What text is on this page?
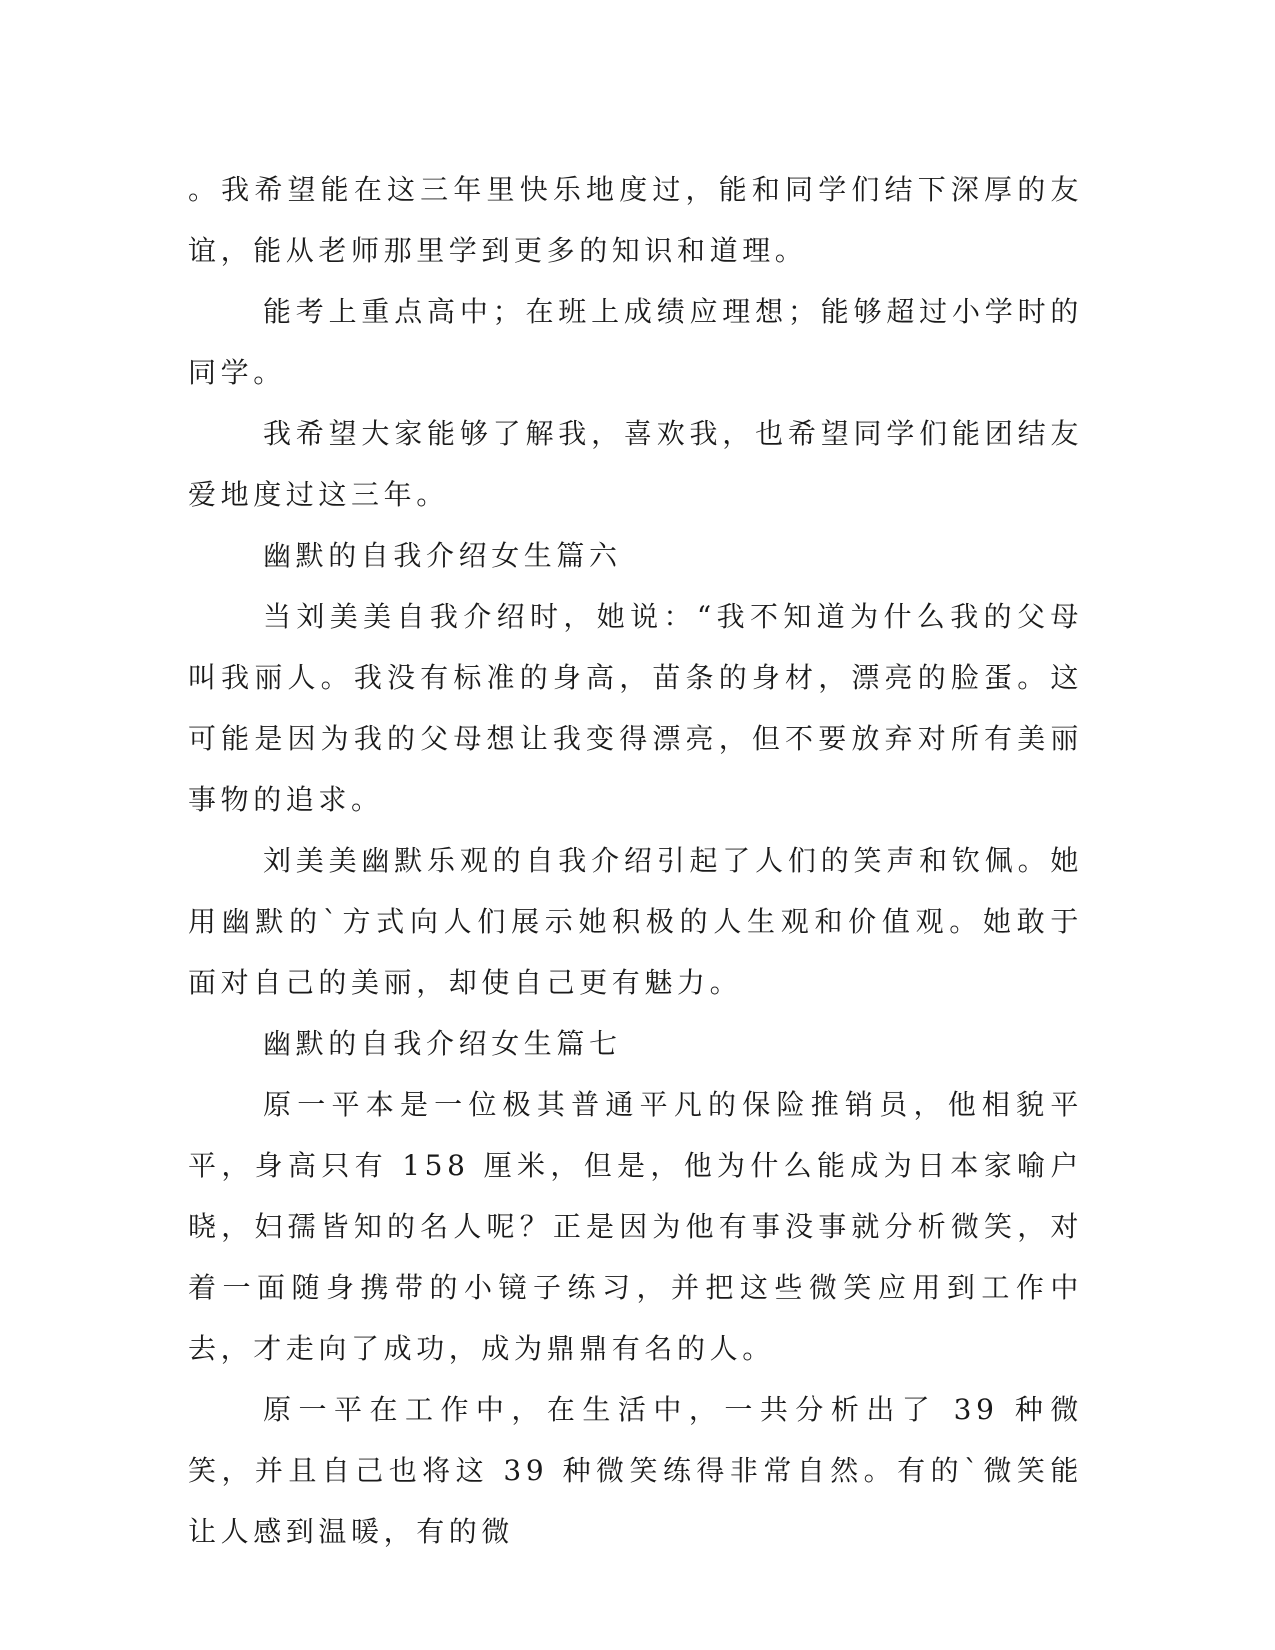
。我希望能在这三年里快乐地度过，能和同学们结下深厚的友谊，能从老师那里学到更多的知识和道理。

能考上重点高中；在班上成绩应理想；能够超过小学时的同学。

我希望大家能够了解我，喜欢我，也希望同学们能团结友爱地度过这三年。

幽默的自我介绍女生篇六

当刘美美自我介绍时，她说：“我不知道为什么我的父母叫我丽人。我没有标准的身高，苗条的身材，漂亮的脸蛋。这可能是因为我的父母想让我变得漂亮，但不要放弃对所有美丽事物的追求。

刘美美幽默乐观的自我介绍引起了人们的笑声和钦佩。她用幽默的`方式向人们展示她积极的人生观和价值观。她敢于面对自己的美丽，却使自己更有魅力。

幽默的自我介绍女生篇七

原一平本是一位极其普通平凡的保险推销员，他相貌平平，身高只有 158 厘米，但是，他为什么能成为日本家喻户晓，妇孺皆知的名人呢？正是因为他有事没事就分析微笑，对着一面随身携带的小镜子练习，并把这些微笑应用到工作中去，才走向了成功，成为鼎鼎有名的人。

原一平在工作中，在生活中，一共分析出了 39 种微笑，并且自己也将这 39 种微笑练得非常自然。有的`微笑能让人感到温暖，有的微
